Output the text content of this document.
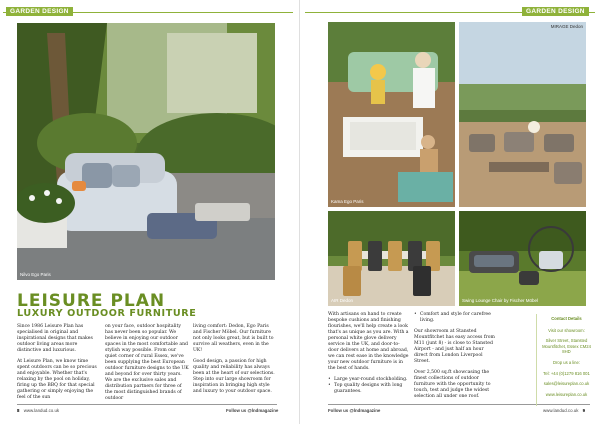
GARDEN DESIGN
Nilvo Ego Paris
LEISURE PLAN
LUXURY OUTDOOR FURNITURE

Since 1986 Leisure Plan has specialised in original and inspirational designs that makes outdoor living areas more distinctive and luxurious.

At Leisure Plan, we know time spent outdoors can be so precious and enjoyable. Whether that's relaxing by the pool on holiday, firing up the BBQ for that special gathering or simply enjoying the feel of the sun

on your face, outdoor hospitality has never been so popular. We believe in enjoying our outdoor spaces in the most comfortable and stylish way possible. From our quiet corner of rural Essex, we've been supplying the best European outdoor furniture designs to the UK and beyond for over thirty years. We are the exclusive sales and distribution partners for three of the most distinguished brands of outdoor

living comfort: Dedon, Ego Paris and Fischer Möbel. Our furniture not only looks great, but is built to survive all weathers, even in the UK!

Good design, a passion for high quality and reliability has always been at the heart of our selections. Step into our large showroom for inspiration in bringing high style and luxury to your outdoor space.

8 www.landud.co.uk	Follow us @lndmagazine
GARDEN DESIGN
Kama Ego Paris
MIRAGE Dedon
AIR Dedon	Swing Lounge Chair by Fischer Möbel

With artisans on hand to create bespoke cushions and finishing flourishes, we'll help create a look that's as unique as you are. With a personal white glove delivery service in the UK, and door-to-door delivers at home and abroad, we can rest ease in the knowledge your new outdoor furniture is in the best of hands.

• Large year-round stockholding.
• Top quality designs with long guarantees.
• Comfort and style for carefree living.

Our showroom at Stansted Mountfitchet has easy access from M11 (junt 8) - is close to Stansted Airport - and just half an hour direct from London Liverpool Street.

Over 2,500 sq.ft showcasing the finest collections of outdoor furniture with the opportunity to touch, test and judge the widest selection all under one roof.

Follow us @lndmagazine	www.landud.co.uk 9
Contact Details
Visit our showroom:
Silver Street, Stansted Mountfitchet, Essex CM24 8HD
Drop us a line:
Tel: +44 (0)1279 816 001
sales@leisureplan.co.uk
www.leisureplan.co.uk
